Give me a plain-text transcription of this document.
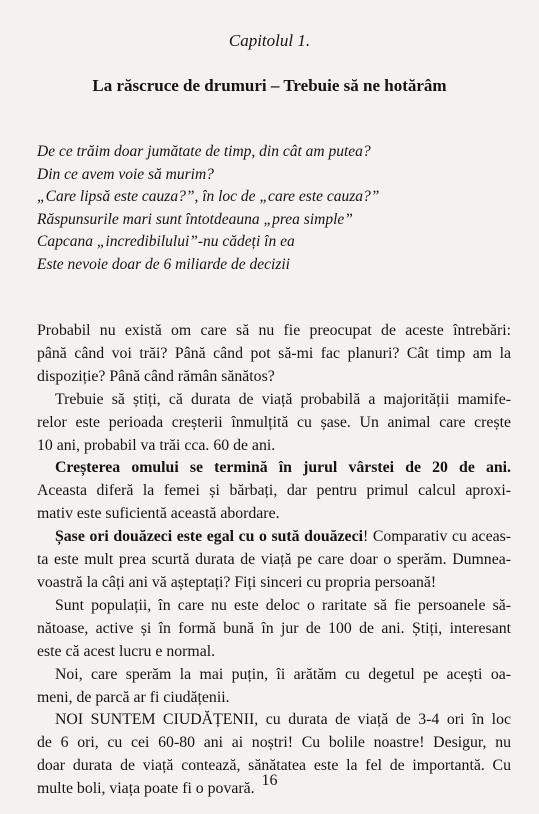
Capitolul 1.
La răscruce de drumuri – Trebuie să ne hotărâm
De ce trăim doar jumătate de timp, din cât am putea?
Din ce avem voie să murim?
„Care lipsă este cauza?”, în loc de „care este cauza?”
Răspunsurile mari sunt întotdeauna „prea simple”
Capcana „incredibilului”-nu cădeți în ea
Este nevoie doar de 6 miliarde de decizii
Probabil nu există om care să nu fie preocupat de aceste întrebări:
până când voi trăi? Până când pot să-mi fac planuri? Cât timp am la
dispoziție? Până când rămân sănătos?
Trebuie să știți, că durata de viață probabilă a majorității mamife-
relor este perioada creșterii înmulțită cu șase. Un animal care crește
10 ani, probabil va trăi cca. 60 de ani.
Creșterea omului se termină în jurul vârstei de 20 de ani.
Aceasta diferă la femei și bărbați, dar pentru primul calcul aproxi-
mativ este suficientă această abordare.
Șase ori douăzeci este egal cu o sută douăzeci! Comparativ cu aceas-
ta este mult prea scurtă durata de viață pe care doar o sperăm. Dumnea-
voastră la câți ani vă așteptați? Fiți sinceri cu propria persoană!
Sunt populații, în care nu este deloc o raritate să fie persoanele să-
nătoase, active și în formă bună în jur de 100 de ani. Știți, interesant
este că acest lucru e normal.
Noi, care sperăm la mai puțin, îi arătăm cu degetul pe acești oa-
meni, de parcă ar fi ciudățenii.
NOI SUNTEM CIUDĂȚENII, cu durata de viață de 3-4 ori în loc
de 6 ori, cu cei 60-80 ani ai noștri! Cu bolile noastre! Desigur, nu
doar durata de viață contează, sănătatea este la fel de importantă. Cu
multe boli, viața poate fi o povară. 16
